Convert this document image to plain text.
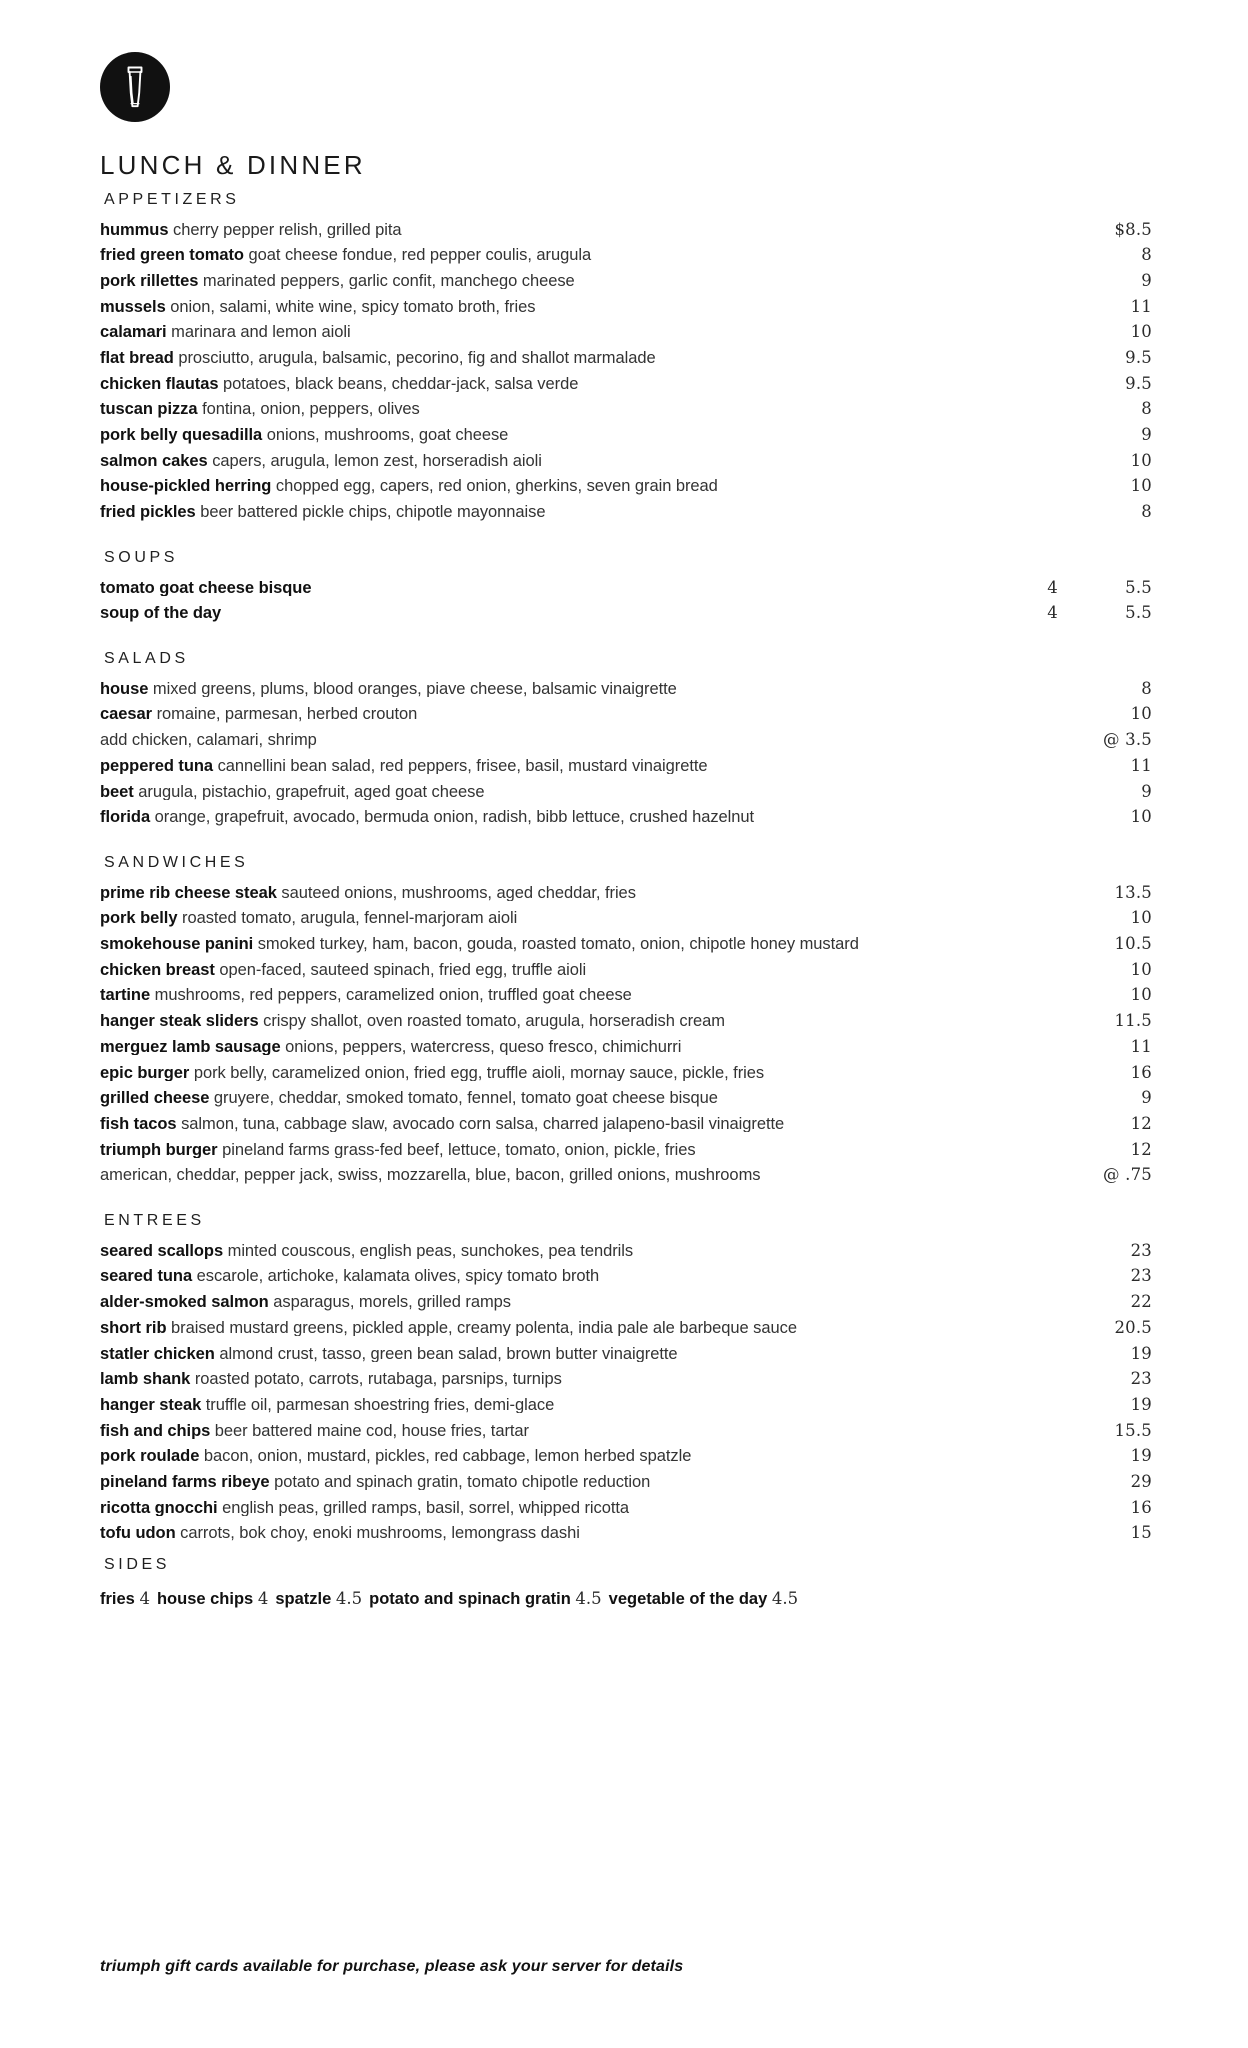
LUNCH & DINNER
APPETIZERS
hummus cherry pepper relish, grilled pita	$8.5
fried green tomato goat cheese fondue, red pepper coulis, arugula	8
pork rillettes marinated peppers, garlic confit, manchego cheese	9
mussels onion, salami, white wine, spicy tomato broth, fries	11
calamari marinara and lemon aioli	10
flat bread prosciutto, arugula, balsamic, pecorino, fig and shallot marmalade	9.5
chicken flautas potatoes, black beans, cheddar-jack, salsa verde	9.5
tuscan pizza fontina, onion, peppers, olives	8
pork belly quesadilla onions, mushrooms, goat cheese	9
salmon cakes capers, arugula, lemon zest, horseradish aioli	10
house-pickled herring chopped egg, capers, red onion, gherkins, seven grain bread	10
fried pickles beer battered pickle chips, chipotle mayonnaise	8
SOUPS
tomato goat cheese bisque	4	5.5
soup of the day	4	5.5
SALADS
house mixed greens, plums, blood oranges, piave cheese, balsamic vinaigrette	8
caesar romaine, parmesan, herbed crouton	10
add chicken, calamari, shrimp	@ 3.5
peppered tuna cannellini bean salad, red peppers, frisee, basil, mustard vinaigrette	11
beet arugula, pistachio, grapefruit, aged goat cheese	9
florida orange, grapefruit, avocado, bermuda onion, radish, bibb lettuce, crushed hazelnut	10
SANDWICHES
prime rib cheese steak sauteed onions, mushrooms, aged cheddar, fries	13.5
pork belly roasted tomato, arugula, fennel-marjoram aioli	10
smokehouse panini smoked turkey, ham, bacon, gouda, roasted tomato, onion, chipotle honey mustard	10.5
chicken breast open-faced, sauteed spinach, fried egg, truffle aioli	10
tartine mushrooms, red peppers, caramelized onion, truffled goat cheese	10
hanger steak sliders crispy shallot, oven roasted tomato, arugula, horseradish cream	11.5
merguez lamb sausage onions, peppers, watercress, queso fresco, chimichurri	11
epic burger pork belly, caramelized onion, fried egg, truffle aioli, mornay sauce, pickle, fries	16
grilled cheese gruyere, cheddar, smoked tomato, fennel, tomato goat cheese bisque	9
fish tacos salmon, tuna, cabbage slaw, avocado corn salsa, charred jalapeno-basil vinaigrette	12
triumph burger pineland farms grass-fed beef, lettuce, tomato, onion, pickle, fries	12
american, cheddar, pepper jack, swiss, mozzarella, blue, bacon, grilled onions, mushrooms	@ .75
ENTREES
seared scallops minted couscous, english peas, sunchokes, pea tendrils	23
seared tuna escarole, artichoke, kalamata olives, spicy tomato broth	23
alder-smoked salmon asparagus, morels, grilled ramps	22
short rib braised mustard greens, pickled apple, creamy polenta, india pale ale barbeque sauce	20.5
statler chicken almond crust, tasso, green bean salad, brown butter vinaigrette	19
lamb shank roasted potato, carrots, rutabaga, parsnips, turnips	23
hanger steak truffle oil, parmesan shoestring fries, demi-glace	19
fish and chips beer battered maine cod, house fries, tartar	15.5
pork roulade bacon, onion, mustard, pickles, red cabbage, lemon herbed spatzle	19
pineland farms ribeye potato and spinach gratin, tomato chipotle reduction	29
ricotta gnocchi english peas, grilled ramps, basil, sorrel, whipped ricotta	16
tofu udon carrots, bok choy, enoki mushrooms, lemongrass dashi	15
SIDES
fries 4 house chips 4 spatzle 4.5 potato and spinach gratin 4.5 vegetable of the day 4.5
triumph gift cards available for purchase, please ask your server for details
